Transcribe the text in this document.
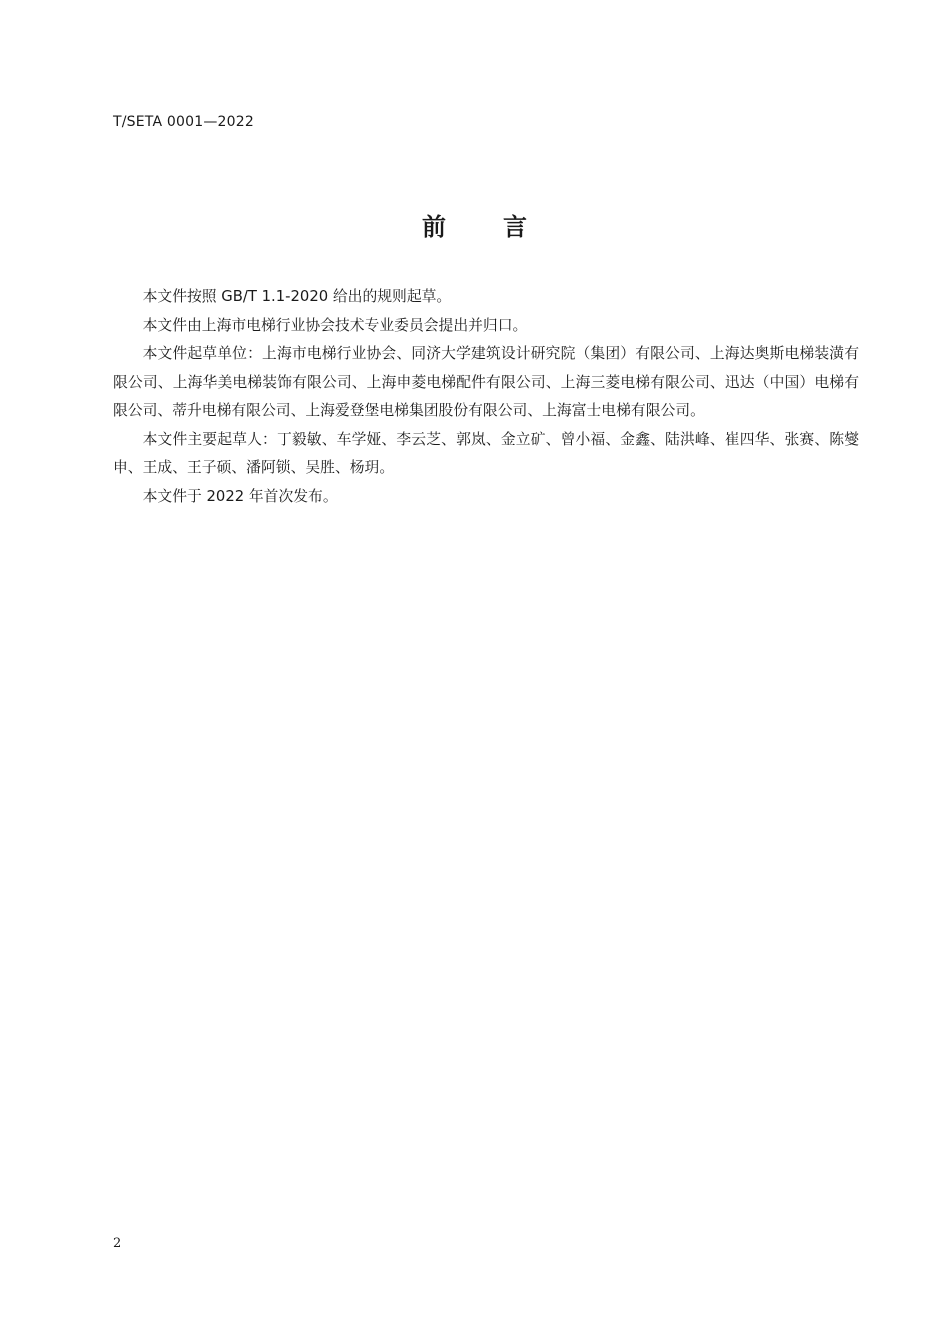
T/SETA 0001—2022
前 言

本文件按照 GB/T 1.1-2020 给出的规则起草。

本文件由上海市电梯行业协会技术专业委员会提出并归口。

本文件起草单位：上海市电梯行业协会、同济大学建筑设计研究院（集团）有限公司、上海达奥斯电梯装潢有限公司、上海华美电梯装饰有限公司、上海申菱电梯配件有限公司、上海三菱电梯有限公司、迅达（中国）电梯有限公司、蒂升电梯有限公司、上海爱登堡电梯集团股份有限公司、上海富士电梯有限公司。

本文件主要起草人：丁毅敏、车学娅、李云芝、郭岚、金立矿、曾小福、金鑫、陆洪峰、崔四华、张赛、陈燮申、王成、王子硕、潘阿锁、吴胜、杨玥。

本文件于 2022 年首次发布。

2
